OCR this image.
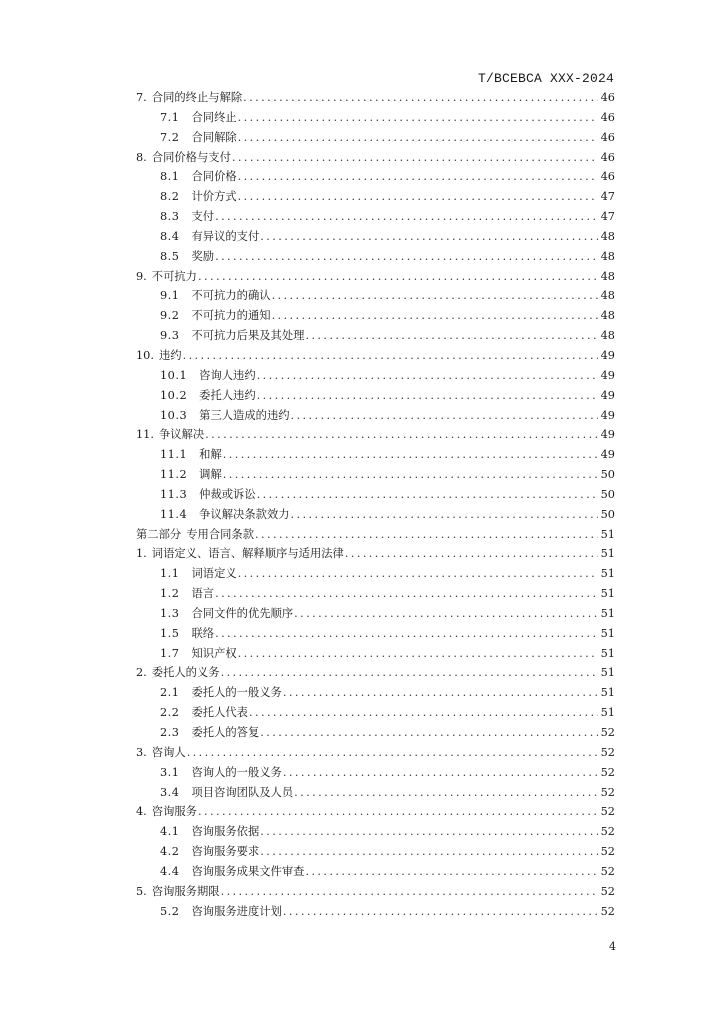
T/BCEBCA XXX-2024
7. 合同的终止与解除 .....	46
7.1 合同终止 .....	46
7.2 合同解除 .....	46
8. 合同价格与支付 .....	46
8.1 合同价格 .....	46
8.2 计价方式 .....	47
8.3 支付 .....	47
8.4 有异议的支付 .....	48
8.5 奖励 .....	48
9. 不可抗力 .....	48
9.1 不可抗力的确认 .....	48
9.2 不可抗力的通知 .....	48
9.3 不可抗力后果及其处理 .....	48
10. 违约 .....	49
10.1 咨询人违约 .....	49
10.2 委托人违约 .....	49
10.3 第三人造成的违约 .....	49
11. 争议解决 .....	49
11.1 和解 .....	49
11.2 调解 .....	50
11.3 仲裁或诉讼 .....	50
11.4 争议解决条款效力 .....	50
第二部分 专用合同条款 .....	51
1. 词语定义、语言、解释顺序与适用法律 .....	51
1.1 词语定义 .....	51
1.2 语言 .....	51
1.3 合同文件的优先顺序 .....	51
1.5 联络 .....	51
1.7 知识产权 .....	51
2. 委托人的义务 .....	51
2.1 委托人的一般义务 .....	51
2.2 委托人代表 .....	51
2.3 委托人的答复 .....	52
3. 咨询人 .....	52
3.1 咨询人的一般义务 .....	52
3.4 项目咨询团队及人员 .....	52
4. 咨询服务 .....	52
4.1 咨询服务依据 .....	52
4.2 咨询服务要求 .....	52
4.4 咨询服务成果文件审查 .....	52
5. 咨询服务期限 .....	52
5.2 咨询服务进度计划 .....	52
4
